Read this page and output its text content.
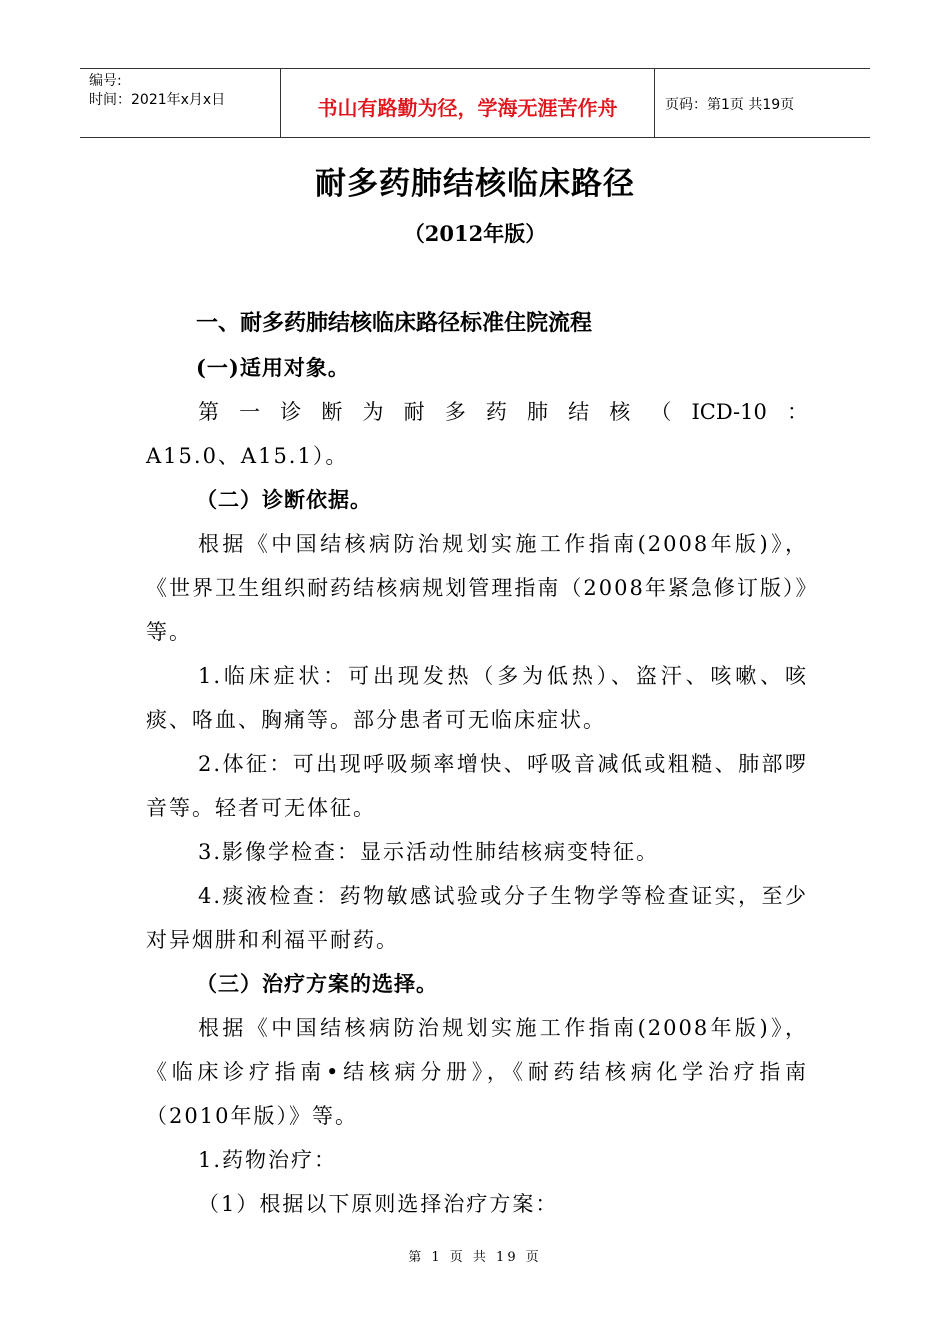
编号:
时间：2021年x月x日	书山有路勤为径，学海无涯苦作舟	页码：第1页 共19页
耐多药肺结核临床路径
（2012年版）
一、耐多药肺结核临床路径标准住院流程
(一)适用对象。
第一诊断为耐多药肺结核（ICD-10：
A15.0、A15.1）。
（二）诊断依据。
根据《中国结核病防治规划实施工作指南(2008年版)》，《世界卫生组织耐药结核病规划管理指南（2008年紧急修订版）》等。
1.临床症状：可出现发热（多为低热）、盗汗、咳嗽、咳痰、咯血、胸痛等。部分患者可无临床症状。
2.体征：可出现呼吸频率增快、呼吸音减低或粗糙、肺部啰音等。轻者可无体征。
3.影像学检查：显示活动性肺结核病变特征。
4.痰液检查：药物敏感试验或分子生物学等检查证实，至少对异烟肼和利福平耐药。
（三）治疗方案的选择。
根据《中国结核病防治规划实施工作指南(2008年版)》，《临床诊疗指南•结核病分册》，《耐药结核病化学治疗指南（2010年版）》等。
1.药物治疗：
（1）根据以下原则选择治疗方案：
第 1 页 共 19 页
